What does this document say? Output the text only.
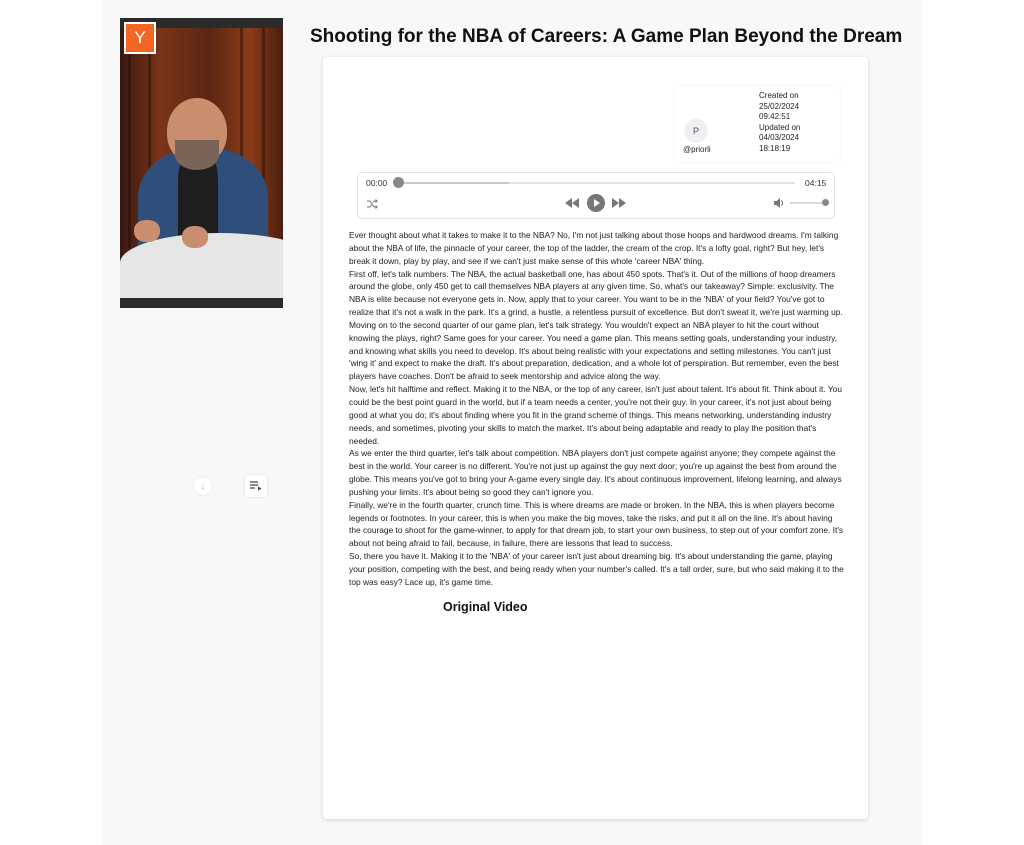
Y	Shooting for the NBA of Careers: A Game Plan Beyond the Dream
P
@priorli
Created on
25/02/2024
09:42:51
Updated on
04/03/2024
18:18:19
00:00	04:15

Ever thought about what it takes to make it to the NBA? No, I'm not just talking about those hoops and hardwood dreams. I'm talking about the NBA of life, the pinnacle of your career, the top of the ladder, the cream of the crop. It's a lofty goal, right? But hey, let's break it down, play by play, and see if we can't just make sense of this whole 'career NBA' thing.

First off, let's talk numbers. The NBA, the actual basketball one, has about 450 spots. That's it. Out of the millions of hoop dreamers around the globe, only 450 get to call themselves NBA players at any given time. So, what's our takeaway? Simple: exclusivity. The NBA is elite because not everyone gets in. Now, apply that to your career. You want to be in the 'NBA' of your field? You've got to realize that it's not a walk in the park. It's a grind, a hustle, a relentless pursuit of excellence. But don't sweat it, we're just warming up.

Moving on to the second quarter of our game plan, let's talk strategy. You wouldn't expect an NBA player to hit the court without knowing the plays, right? Same goes for your career. You need a game plan. This means setting goals, understanding your industry, and knowing what skills you need to develop. It's about being realistic with your expectations and setting milestones. You can't just 'wing it' and expect to make the draft. It's about preparation, dedication, and a whole lot of perspiration. But remember, even the best players have coaches. Don't be afraid to seek mentorship and advice along the way.

Now, let's hit halftime and reflect. Making it to the NBA, or the top of any career, isn't just about talent. It's about fit. Think about it. You could be the best point guard in the world, but if a team needs a center, you're not their guy. In your career, it's not just about being good at what you do; it's about finding where you fit in the grand scheme of things. This means networking, understanding industry needs, and sometimes, pivoting your skills to match the market. It's about being adaptable and ready to play the position that's needed.

As we enter the third quarter, let's talk about competition. NBA players don't just compete against anyone; they compete against the best in the world. Your career is no different. You're not just up against the guy next door; you're up against the best from around the globe. This means you've got to bring your A-game every single day. It's about continuous improvement, lifelong learning, and always pushing your limits. It's about being so good they can't ignore you.

Finally, we're in the fourth quarter, crunch time. This is where dreams are made or broken. In the NBA, this is when players become legends or footnotes. In your career, this is when you make the big moves, take the risks, and put it all on the line. It's about having the courage to shoot for the game-winner, to apply for that dream job, to start your own business, to step out of your comfort zone. It's about not being afraid to fail, because, in failure, there are lessons that lead to success.

So, there you have it. Making it to the 'NBA' of your career isn't just about dreaming big. It's about understanding the game, playing your position, competing with the best, and being ready when your number's called. It's a tall order, sure, but who said making it to the top was easy? Lace up, it's game time.

Original Video
↓
